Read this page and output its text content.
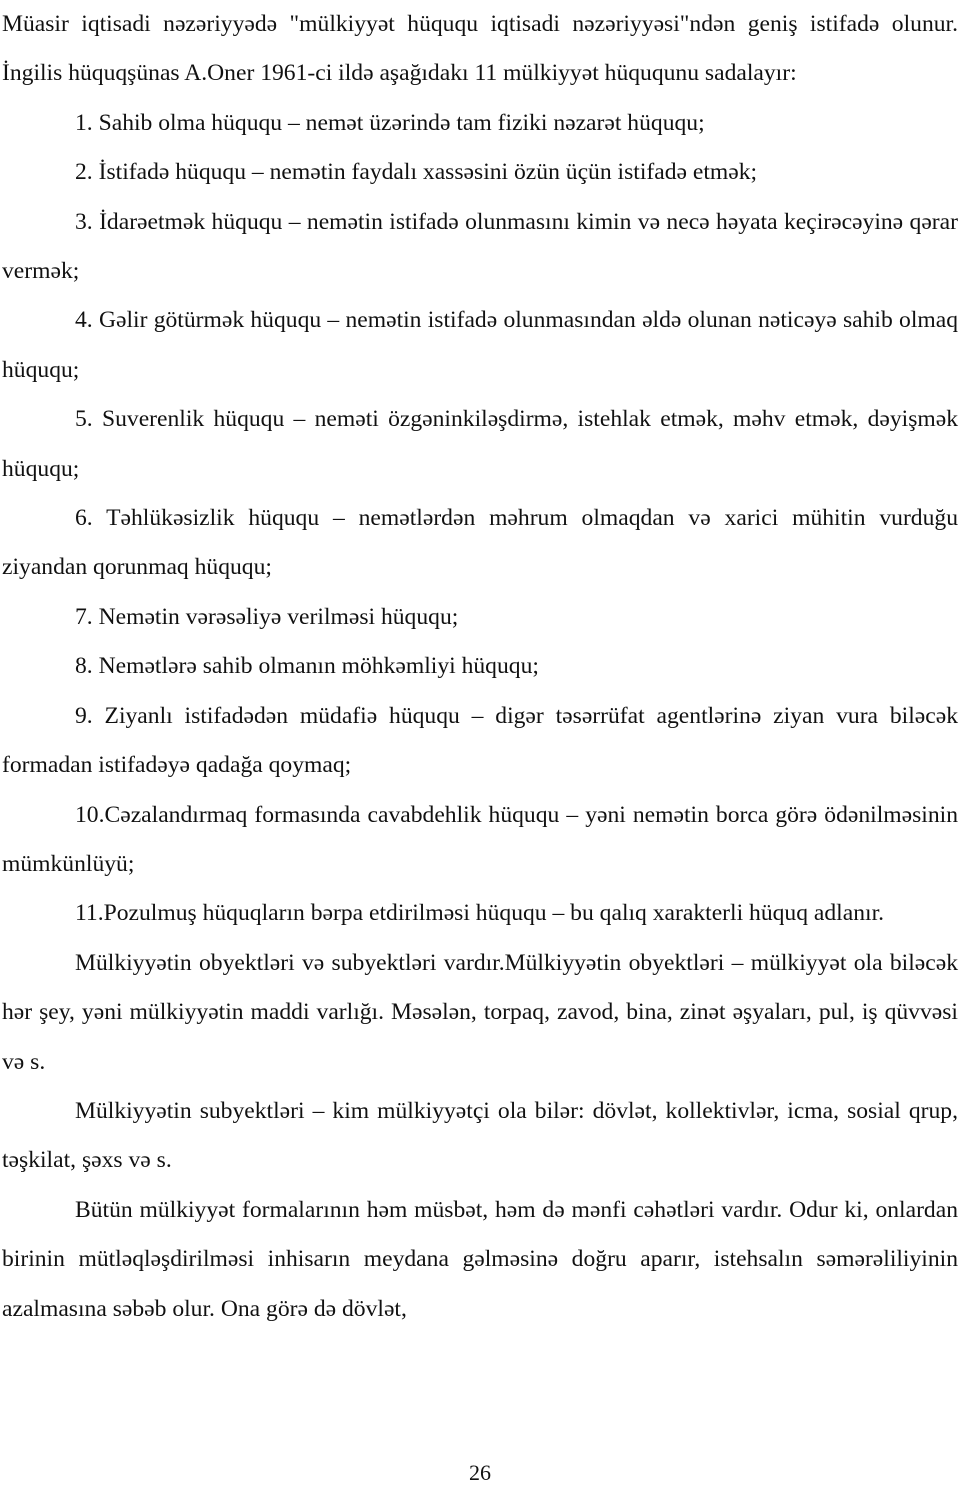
Müasir iqtisadi nəzəriyyədə "mülkiyyət hüququ iqtisadi nəzəriyyəsi"ndən geniş istifadə olunur. İngilis hüquqşünas A.Oner 1961-ci ildə aşağıdakı 11 mülkiyyət hüququnu sadalayır:

1. Sahib olma hüququ – nemət üzərində tam fiziki nəzarət hüququ;

2. İstifadə hüququ – nemətin faydalı xassəsini özün üçün istifadə etmək;

3. İdarəetmək hüququ – nemətin istifadə olunmasını kimin və necə həyata keçirəcəyinə qərar vermək;

4. Gəlir götürmək hüququ – nemətin istifadə olunmasından əldə olunan nəticəyə sahib olmaq hüququ;

5. Suverenlik hüququ – neməti özgəninkiləşdirmə, istehlak etmək, məhv etmək, dəyişmək hüququ;

6. Təhlükəsizlik hüququ – nemətlərdən məhrum olmaqdan və xarici mühitin vurduğu ziyandan qorunmaq hüququ;

7. Nemətin vərəsəliyə verilməsi hüququ;

8. Nemətlərə sahib olmanın möhkəmliyi hüququ;

9. Ziyanlı istifadədən müdafiə hüququ – digər təsərrüfat agentlərinə ziyan vura biləcək formadan istifadəyə qadağa qoymaq;

10.Cəzalandırmaq formasında cavabdehlik hüququ – yəni nemətin borca görə ödənilməsinin mümkünlüyü;

11.Pozulmuş hüquqların bərpa etdirilməsi hüququ – bu qalıq xarakterli hüquq adlanır.

Mülkiyyətin obyektləri və subyektləri vardır.Mülkiyyətin obyektləri – mülkiyyət ola biləcək hər şey, yəni mülkiyyətin maddi varlığı. Məsələn, torpaq, zavod, bina, zinət əşyaları, pul, iş qüvvəsi və s.

Mülkiyyətin subyektləri – kim mülkiyyətçi ola bilər: dövlət, kollektivlər, icma, sosial qrup, təşkilat, şəxs və s.

Bütün mülkiyyət formalarının həm müsbət, həm də mənfi cəhətləri vardır. Odur ki, onlardan birinin mütləqləşdirilməsi inhisarın meydana gəlməsinə doğru aparır, istehsalın səmərəliliyinin azalmasına səbəb olur. Ona görə də dövlət,

26
